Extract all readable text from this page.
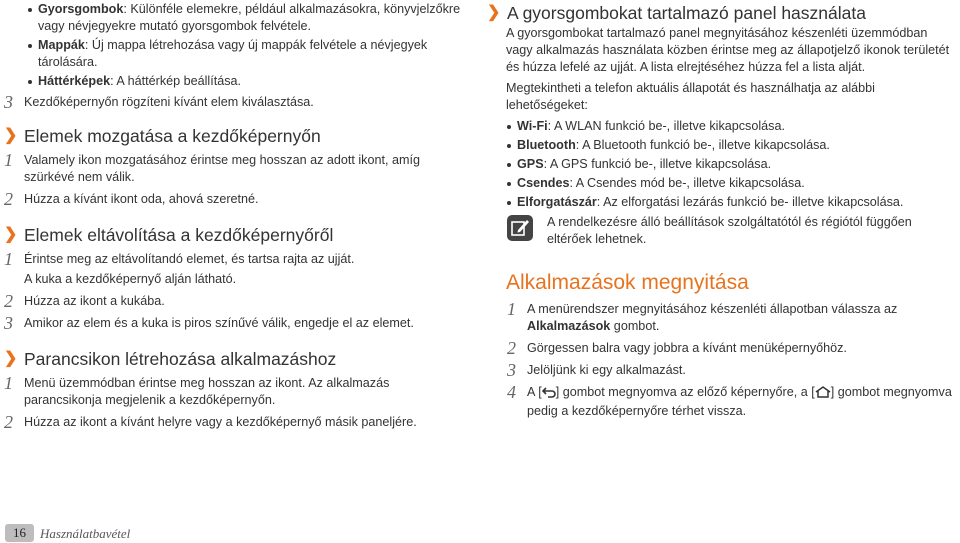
Gyorsgombok: Különféle elemekre, például alkalmazásokra, könyvjelzőkre vagy névjegyekre mutató gyorsgombok felvétele.
Mappák: Új mappa létrehozása vagy új mappák felvétele a névjegyek tárolására.
Háttérképek: A háttérkép beállítása.
3 Kezdőképernyőn rögzíteni kívánt elem kiválasztása.
❯ Elemek mozgatása a kezdőképernyőn
1 Valamely ikon mozgatásához érintse meg hosszan az adott ikont, amíg szürkévé nem válik.
2 Húzza a kívánt ikont oda, ahová szeretné.
❯ Elemek eltávolítása a kezdőképernyőről
1 Érintse meg az eltávolítandó elemet, és tartsa rajta az ujját.
A kuka a kezdőképernyő alján látható.
2 Húzza az ikont a kukába.
3 Amikor az elem és a kuka is piros színűvé válik, engedje el az elemet.
❯ Parancsikon létrehozása alkalmazáshoz
1 Menü üzemmódban érintse meg hosszan az ikont. Az alkalmazás parancsikonja megjelenik a kezdőképernyőn.
2 Húzza az ikont a kívánt helyre vagy a kezdőképernyő másik paneljére.
❯ A gyorsgombokat tartalmazó panel használata
A gyorsgombokat tartalmazó panel megnyitásához készenléti üzemmódban vagy alkalmazás használata közben érintse meg az állapotjelző ikonok területét és húzza lefelé az ujját. A lista elrejtéséhez húzza fel a lista alját.
Megtekintheti a telefon aktuális állapotát és használhatja az alábbi lehetőségeket:
Wi-Fi: A WLAN funkció be-, illetve kikapcsolása.
Bluetooth: A Bluetooth funkció be-, illetve kikapcsolása.
GPS: A GPS funkció be-, illetve kikapcsolása.
Csendes: A Csendes mód be-, illetve kikapcsolása.
Elforgatászár: Az elforgatási lezárás funkció be- illetve kikapcsolása.
A rendelkezésre álló beállítások szolgáltatótól és régiótól függően eltérőek lehetnek.
Alkalmazások megnyitása
1 A menürendszer megnyitásához készenléti állapotban válassza az Alkalmazások gombot.
2 Görgessen balra vagy jobbra a kívánt menüképernyőhöz.
3 Jelöljünk ki egy alkalmazást.
4 A [ ] gombot megnyomva az előző képernyőre, a [ ] gombot megnyomva pedig a kezdőképernyőre térhet vissza.
16	Használatbavétel
